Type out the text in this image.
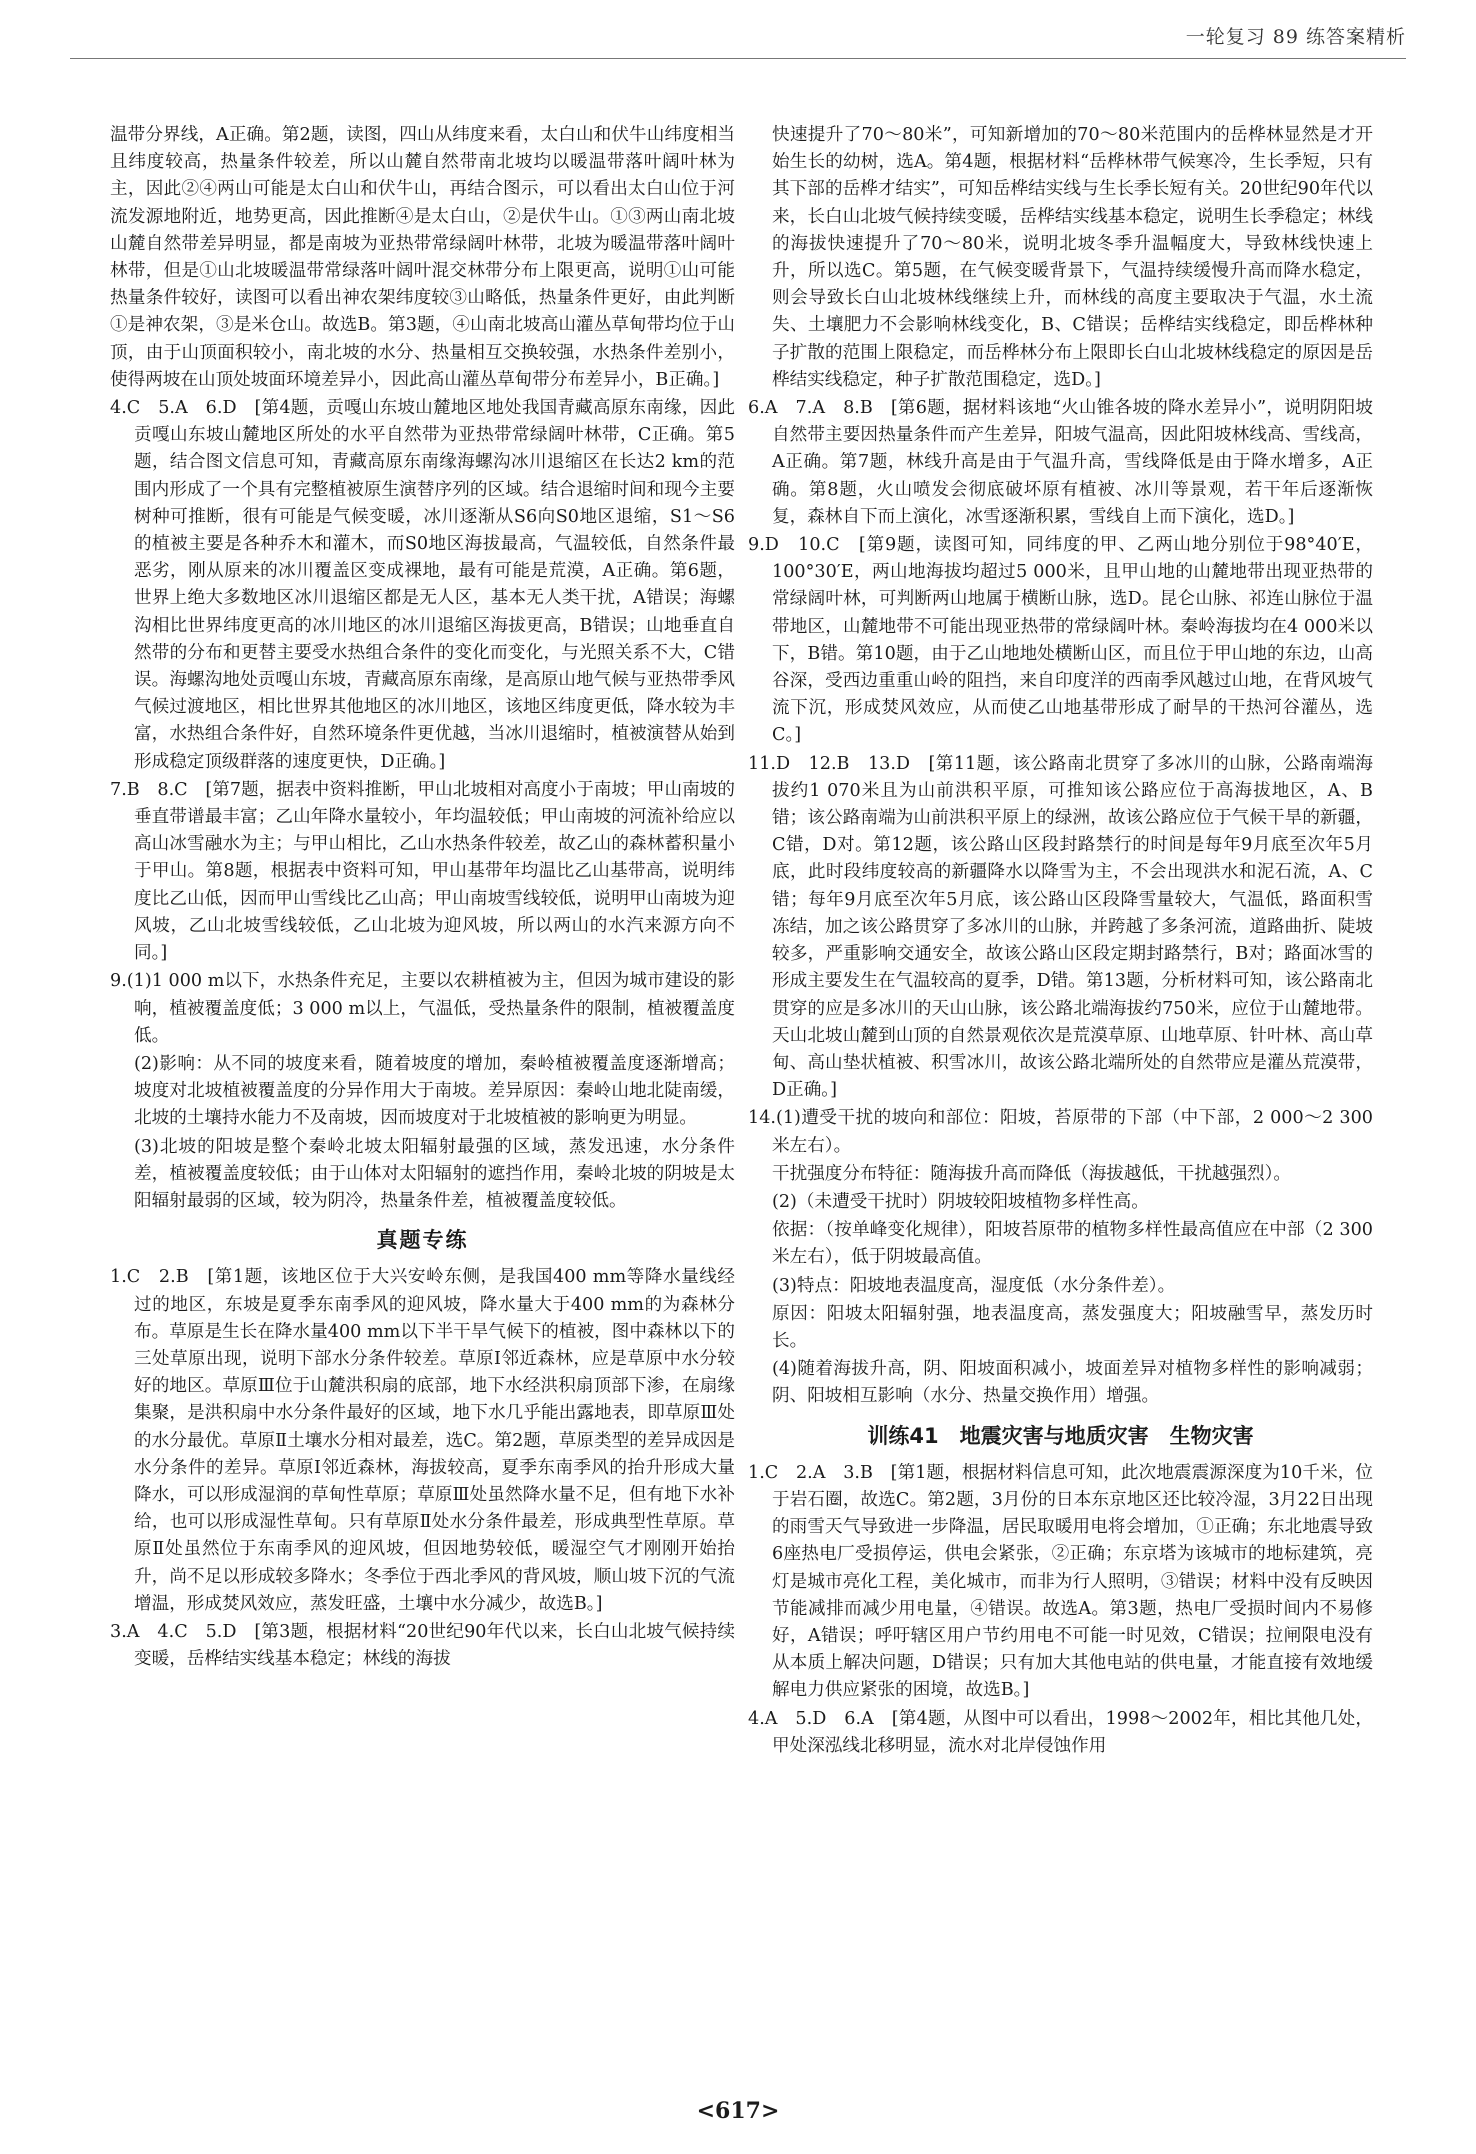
一轮复习 89 练答案精析
温带分界线，A正确。第2题，读图，四山从纬度来看，太白山和伏牛山纬度相当且纬度较高，热量条件较差，所以山麓自然带南北坡均以暖温带落叶阔叶林为主，因此②④两山可能是太白山和伏牛山，再结合图示，可以看出太白山位于河流发源地附近，地势更高，因此推断④是太白山，②是伏牛山。①③两山南北坡山麓自然带差异明显，都是南坡为亚热带常绿阔叶林带，北坡为暖温带落叶阔叶林带，但是①山北坡暖温带常绿落叶阔叶混交林带分布上限更高，说明①山可能热量条件较好，读图可以看出神农架纬度较③山略低，热量条件更好，由此判断①是神农架，③是米仓山。故选B。第3题，④山南北坡高山灌丛草甸带均位于山顶，由于山顶面积较小，南北坡的水分、热量相互交换较强，水热条件差别小，使得两坡在山顶处坡面环境差异小，因此高山灌丛草甸带分布差异小，B正确。]
4.C　5.A　6.D　[第4题，贡嘎山东坡山麓地区地处我国青藏高原东南缘，因此贡嘎山东坡山麓地区所处的水平自然带为亚热带常绿阔叶林带，C正确。第5题，结合图文信息可知，青藏高原东南缘海螺沟冰川退缩区在长达2 km的范围内形成了一个具有完整植被原生演替序列的区域。结合退缩时间和现今主要树种可推断，很有可能是气候变暖，冰川逐渐从S6向S0地区退缩，S1～S6的植被主要是各种乔木和灌木，而S0地区海拔最高，气温较低，自然条件最恶劣，刚从原来的冰川覆盖区变成裸地，最有可能是荒漠，A正确。第6题，世界上绝大多数地区冰川退缩区都是无人区，基本无人类干扰，A错误；海螺沟相比世界纬度更高的冰川地区的冰川退缩区海拔更高，B错误；山地垂直自然带的分布和更替主要受水热组合条件的变化而变化，与光照关系不大，C错误。海螺沟地处贡嘎山东坡，青藏高原东南缘，是高原山地气候与亚热带季风气候过渡地区，相比世界其他地区的冰川地区，该地区纬度更低，降水较为丰富，水热组合条件好，自然环境条件更优越，当冰川退缩时，植被演替从始到形成稳定顶级群落的速度更快，D正确。]
7.B　8.C　[第7题，据表中资料推断，甲山北坡相对高度小于南坡；甲山南坡的垂直带谱最丰富；乙山年降水量较小，年均温较低；甲山南坡的河流补给应以高山冰雪融水为主；与甲山相比，乙山水热条件较差，故乙山的森林蓄积量小于甲山。第8题，根据表中资料可知，甲山基带年均温比乙山基带高，说明纬度比乙山低，因而甲山雪线比乙山高；甲山南坡雪线较低，说明甲山南坡为迎风坡，乙山北坡雪线较低，乙山北坡为迎风坡，所以两山的水汽来源方向不同。]
9.(1)1 000 m以下，水热条件充足，主要以农耕植被为主，但因为城市建设的影响，植被覆盖度低；3 000 m以上，气温低，受热量条件的限制，植被覆盖度低。
(2)影响：从不同的坡度来看，随着坡度的增加，秦岭植被覆盖度逐渐增高；坡度对北坡植被覆盖度的分异作用大于南坡。差异原因：秦岭山地北陡南缓，北坡的土壤持水能力不及南坡，因而坡度对于北坡植被的影响更为明显。
(3)北坡的阳坡是整个秦岭北坡太阳辐射最强的区域，蒸发迅速，水分条件差，植被覆盖度较低；由于山体对太阳辐射的遮挡作用，秦岭北坡的阴坡是太阳辐射最弱的区域，较为阴冷，热量条件差，植被覆盖度较低。
真题专练
1.C　2.B　[第1题，该地区位于大兴安岭东侧，是我国400 mm等降水量线经过的地区，东坡是夏季东南季风的迎风坡，降水量大于400 mm的为森林分布。草原是生长在降水量400 mm以下半干旱气候下的植被，图中森林以下的三处草原出现，说明下部水分条件较差。草原Ⅰ邻近森林，应是草原中水分较好的地区。草原Ⅲ位于山麓洪积扇的底部，地下水经洪积扇顶部下渗，在扇缘集聚，是洪积扇中水分条件最好的区域，地下水几乎能出露地表，即草原Ⅲ处的水分最优。草原Ⅱ土壤水分相对最差，选C。第2题，草原类型的差异成因是水分条件的差异。草原Ⅰ邻近森林，海拔较高，夏季东南季风的抬升形成大量降水，可以形成湿润的草甸性草原；草原Ⅲ处虽然降水量不足，但有地下水补给，也可以形成湿性草甸。只有草原Ⅱ处水分条件最差，形成典型性草原。草原Ⅱ处虽然位于东南季风的迎风坡，但因地势较低，暖湿空气才刚刚开始抬升，尚不足以形成较多降水；冬季位于西北季风的背风坡，顺山坡下沉的气流增温，形成焚风效应，蒸发旺盛，土壤中水分减少，故选B。]
3.A　4.C　5.D　[第3题，根据材料“20世纪90年代以来，长白山北坡气候持续变暖，岳桦结实线基本稳定；林线的海拔
快速提升了70～80米”，可知新增加的70～80米范围内的岳桦林显然是才开始生长的幼树，选A。第4题，根据材料“岳桦林带气候寒冷，生长季短，只有其下部的岳桦才结实”，可知岳桦结实线与生长季长短有关。20世纪90年代以来，长白山北坡气候持续变暖，岳桦结实线基本稳定，说明生长季稳定；林线的海拔快速提升了70～80米，说明北坡冬季升温幅度大，导致林线快速上升，所以选C。第5题，在气候变暖背景下，气温持续缓慢升高而降水稳定，则会导致长白山北坡林线继续上升，而林线的高度主要取决于气温，水土流失、土壤肥力不会影响林线变化，B、C错误；岳桦结实线稳定，即岳桦林种子扩散的范围上限稳定，而岳桦林分布上限即长白山北坡林线稳定的原因是岳桦结实线稳定，种子扩散范围稳定，选D。]
6.A　7.A　8.B　[第6题，据材料该地“火山锥各坡的降水差异小”，说明阴阳坡自然带主要因热量条件而产生差异，阳坡气温高，因此阳坡林线高、雪线高，A正确。第7题，林线升高是由于气温升高，雪线降低是由于降水增多，A正确。第8题，火山喷发会彻底破坏原有植被、冰川等景观，若干年后逐渐恢复，森林自下而上演化，冰雪逐渐积累，雪线自上而下演化，选D。]
9.D　10.C　[第9题，读图可知，同纬度的甲、乙两山地分别位于98°40′E，100°30′E，两山地海拔均超过5 000米，且甲山地的山麓地带出现亚热带的常绿阔叶林，可判断两山地属于横断山脉，选D。昆仑山脉、祁连山脉位于温带地区，山麓地带不可能出现亚热带的常绿阔叶林。秦岭海拔均在4 000米以下，B错。第10题，由于乙山地地处横断山区，而且位于甲山地的东边，山高谷深，受西边重重山岭的阻挡，来自印度洋的西南季风越过山地，在背风坡气流下沉，形成焚风效应，从而使乙山地基带形成了耐旱的干热河谷灌丛，选C。]
11.D　12.B　13.D　[第11题，该公路南北贯穿了多冰川的山脉，公路南端海拔约1 070米且为山前洪积平原，可推知该公路应位于高海拔地区，A、B错；该公路南端为山前洪积平原上的绿洲，故该公路应位于气候干旱的新疆，C错，D对。第12题，该公路山区段封路禁行的时间是每年9月底至次年5月底，此时段纬度较高的新疆降水以降雪为主，不会出现洪水和泥石流，A、C错；每年9月底至次年5月底，该公路山区段降雪量较大，气温低，路面积雪冻结，加之该公路贯穿了多冰川的山脉，并跨越了多条河流，道路曲折、陡坡较多，严重影响交通安全，故该公路山区段定期封路禁行，B对；路面冰雪的形成主要发生在气温较高的夏季，D错。第13题，分析材料可知，该公路南北贯穿的应是多冰川的天山山脉，该公路北端海拔约750米，应位于山麓地带。天山北坡山麓到山顶的自然景观依次是荒漠草原、山地草原、针叶林、高山草甸、高山垫状植被、积雪冰川，故该公路北端所处的自然带应是灌丛荒漠带，D正确。]
14.(1)遭受干扰的坡向和部位：阳坡，苔原带的下部（中下部，2 000～2 300米左右）。
干扰强度分布特征：随海拔升高而降低（海拔越低，干扰越强烈）。
(2)（未遭受干扰时）阴坡较阳坡植物多样性高。
依据：（按单峰变化规律），阳坡苔原带的植物多样性最高值应在中部（2 300米左右），低于阴坡最高值。
(3)特点：阳坡地表温度高，湿度低（水分条件差）。
原因：阳坡太阳辐射强，地表温度高，蒸发强度大；阳坡融雪早，蒸发历时长。
(4)随着海拔升高，阴、阳坡面积减小，坡面差异对植物多样性的影响减弱；阴、阳坡相互影响（水分、热量交换作用）增强。
训练41　地震灾害与地质灾害　生物灾害
1.C　2.A　3.B　[第1题，根据材料信息可知，此次地震震源深度为10千米，位于岩石圈，故选C。第2题，3月份的日本东京地区还比较冷湿，3月22日出现的雨雪天气导致进一步降温，居民取暖用电将会增加，①正确；东北地震导致6座热电厂受损停运，供电会紧张，②正确；东京塔为该城市的地标建筑，亮灯是城市亮化工程，美化城市，而非为行人照明，③错误；材料中没有反映因节能减排而减少用电量，④错误。故选A。第3题，热电厂受损时间内不易修好，A错误；呼吁辖区用户节约用电不可能一时见效，C错误；拉闸限电没有从本质上解决问题，D错误；只有加大其他电站的供电量，才能直接有效地缓解电力供应紧张的困境，故选B。]
4.A　5.D　6.A　[第4题，从图中可以看出，1998～2002年，相比其他几处，甲处深泓线北移明显，流水对北岸侵蚀作用
<617>
